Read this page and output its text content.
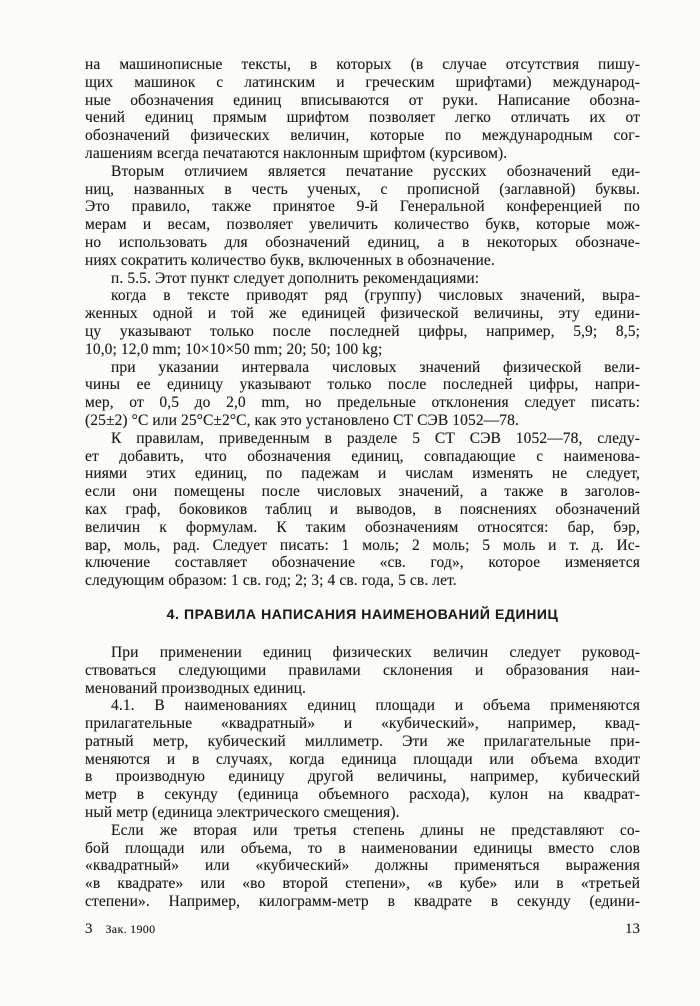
на машинописные тексты, в которых (в случае отсутствия пишу-
щих машинок с латинским и греческим шрифтами) международ-
ные обозначения единиц вписываются от руки. Написание обозна-
чений единиц прямым шрифтом позволяет легко отличать их от
обозначений физических величин, которые по международным сог-
лашениям всегда печатаются наклонным шрифтом (курсивом).

Вторым отличием является печатание русских обозначений еди-
ниц, названных в честь ученых, с прописной (заглавной) буквы.
Это правило, также принятое 9-й Генеральной конференцией по
мерам и весам, позволяет увеличить количество букв, которые мож-
но использовать для обозначений единиц, а в некоторых обозначе-
ниях сократить количество букв, включенных в обозначение.

п. 5.5. Этот пункт следует дополнить рекомендациями:

когда в тексте приводят ряд (группу) числовых значений, выра-
женных одной и той же единицей физической величины, эту едини-
цу указывают только после последней цифры, например, 5,9; 8,5;
10,0; 12,0 mm; 10×10×50 mm; 20; 50; 100 kg;

при указании интервала числовых значений физической вели-
чины ее единицу указывают только после последней цифры, напри-
мер, от 0,5 до 2,0 mm, но предельные отклонения следует писать:
(25±2) °C или 25°C±2°C, как это установлено СТ СЭВ 1052—78.

К правилам, приведенным в разделе 5 СТ СЭВ 1052—78, следу-
ет добавить, что обозначения единиц, совпадающие с наименова-
ниями этих единиц, по падежам и числам изменять не следует,
если они помещены после числовых значений, а также в заголов-
ках граф, боковиков таблиц и выводов, в пояснениях обозначений
величин к формулам. К таким обозначениям относятся: бар, бэр,
вар, моль, рад. Следует писать: 1 моль; 2 моль; 5 моль и т. д. Ис-
ключение составляет обозначение «св. год», которое изменяется
следующим образом: 1 св. год; 2; 3; 4 св. года, 5 св. лет.

4. ПРАВИЛА НАПИСАНИЯ НАИМЕНОВАНИЙ ЕДИНИЦ

При применении единиц физических величин следует руковод-
ствоваться следующими правилами склонения и образования наи-
менований производных единиц.

4.1. В наименованиях единиц площади и объема применяются
прилагательные «квадратный» и «кубический», например, квад-
ратный метр, кубический миллиметр. Эти же прилагательные при-
меняются и в случаях, когда единица площади или объема входит
в производную единицу другой величины, например, кубический
метр в секунду (единица объемного расхода), кулон на квадрат-
ный метр (единица электрического смещения).

Если же вторая или третья степень длины не представляют со-
бой площади или объема, то в наименовании единицы вместо слов
«квадратный» или «кубический» должны применяться выражения
«в квадрате» или «во второй степени», «в кубе» или в «третьей
степени». Например, килограмм-метр в квадрате в секунду (едини-

3 Зак. 1900	13
